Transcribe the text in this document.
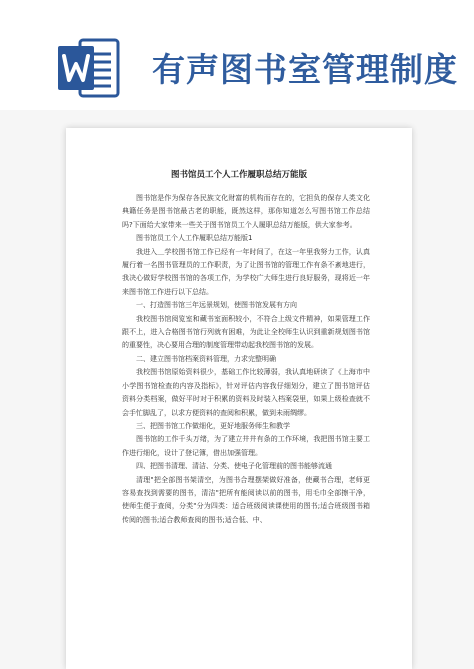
有声图书室管理制度
图书馆员工个人工作履职总结万能版

图书馆是作为保存各民族文化财富的机构而存在的，它担负的保存人类文化典籍任务是图书馆最古老的职能，既然这样，那你知道怎么写图书馆工作总结吗?下面给大家带来一些关于图书馆员工个人履职总结万能版，供大家参考。

图书馆员工个人工作履职总结万能版1

我进入＿学校图书馆工作已经有一年时间了，在这一年里我努力工作，认真履行着一名图书管理员的工作职责，为了让图书馆的管理工作有条不紊地进行，我决心做好学校图书馆的各项工作，为学校广大师生进行良好服务，现将近一年来图书馆工作进行以下总结。

一、打造图书馆三年远景规划，使图书馆发展有方向

我校图书馆阅览室和藏书室面积较小，不符合上级文件精神，如果管理工作跟不上，进入合格图书馆行列就有困难，为此让全校师生认识到重新规划图书馆的重要性，决心要用合理的制度管理带动起我校图书馆的发展。

二、建立图书馆档案资料管理，力求完整明确

我校图书馆原始资料很少，基础工作比较薄弱，我认真地研读了《上海市中小学图书馆检查的内容及指标》，针对评估内容我仔细划分，建立了图书馆评估资料分类档案，做好平时对于积累的资料及时装入档案袋里，如果上级检查就不会手忙脚乱了，以求方便资料的查阅和积累，做到未雨绸缪。

三、把图书馆工作做细化，更好地服务师生和教学

图书馆的工作千头万绪，为了建立井井有条的工作环境，我把图书馆主要工作进行细化，设计了登记簿，借出加强管理。

四、把图书清理、清洁、分类、使电子化管理前的图书能够流通

清理"把全部图书架清空，为图书合理摆架做好准备，使藏书合理，老师更容易查找到需要的图书，清洁"把所有能阅读以前的图书，用毛巾全部擦干净，使师生便于查阅，分类"分为四类：适合班级阅读课使用的图书;适合班级图书箱传阅的图书;适合教师查阅的图书;适合低、中、
